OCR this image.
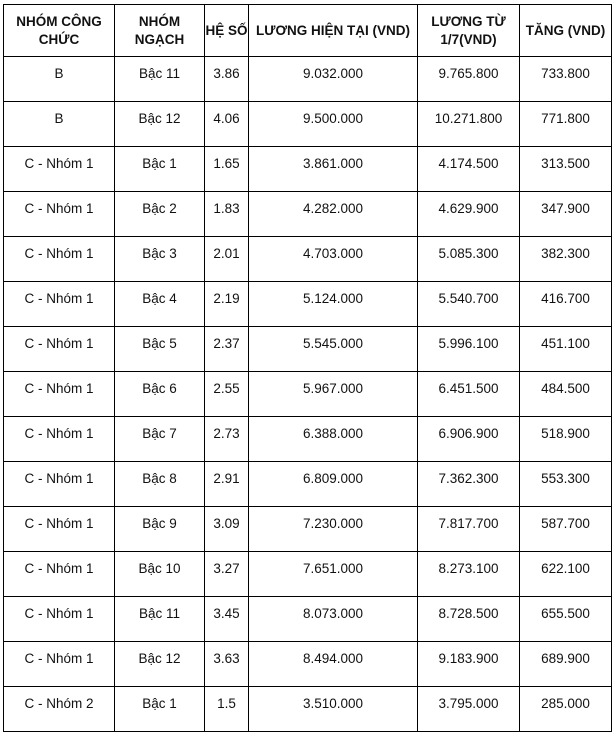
NHÓM CÔNG CHỨC	NHÓM NGẠCH	HỆ SỐ	LƯƠNG HIỆN TẠI (VND)	LƯƠNG TỪ 1/7(VND)	TĂNG (VND)
B	Bậc 11	3.86	9.032.000	9.765.800	733.800
B	Bậc 12	4.06	9.500.000	10.271.800	771.800
C - Nhóm 1	Bậc 1	1.65	3.861.000	4.174.500	313.500
C - Nhóm 1	Bậc 2	1.83	4.282.000	4.629.900	347.900
C - Nhóm 1	Bậc 3	2.01	4.703.000	5.085.300	382.300
C - Nhóm 1	Bậc 4	2.19	5.124.000	5.540.700	416.700
C - Nhóm 1	Bậc 5	2.37	5.545.000	5.996.100	451.100
C - Nhóm 1	Bậc 6	2.55	5.967.000	6.451.500	484.500
C - Nhóm 1	Bậc 7	2.73	6.388.000	6.906.900	518.900
C - Nhóm 1	Bậc 8	2.91	6.809.000	7.362.300	553.300
C - Nhóm 1	Bậc 9	3.09	7.230.000	7.817.700	587.700
C - Nhóm 1	Bậc 10	3.27	7.651.000	8.273.100	622.100
C - Nhóm 1	Bậc 11	3.45	8.073.000	8.728.500	655.500
C - Nhóm 1	Bậc 12	3.63	8.494.000	9.183.900	689.900
C - Nhóm 2	Bậc 1	1.5	3.510.000	3.795.000	285.000
